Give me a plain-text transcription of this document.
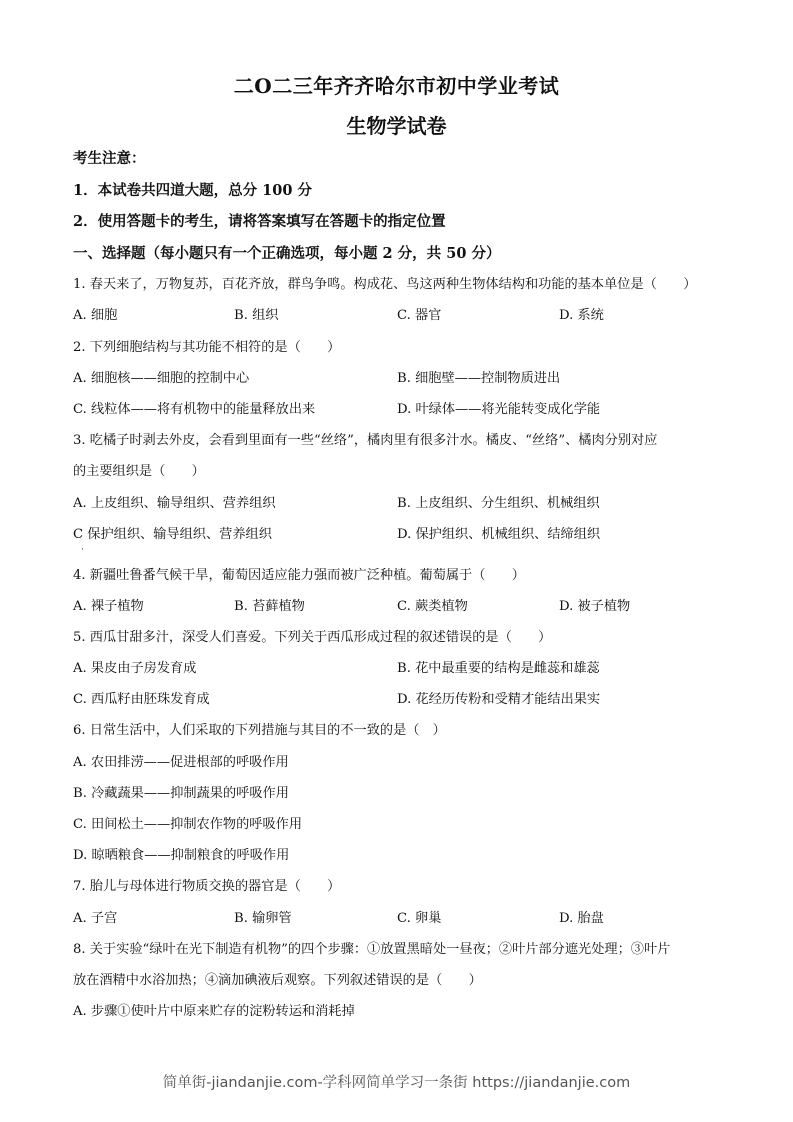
二O二三年齐齐哈尔市初中学业考试
生物学试卷
考生注意：
1．本试卷共四道大题，总分 100 分
2．使用答题卡的考生，请将答案填写在答题卡的指定位置
一、选择题（每小题只有一个正确选项，每小题 2 分，共 50 分）
1. 春天来了，万物复苏，百花齐放，群鸟争鸣。构成花、鸟这两种生物体结构和功能的基本单位是（　　）
A. 细胞	B. 组织	C. 器官	D. 系统
2. 下列细胞结构与其功能不相符的是（　　）
A. 细胞核——细胞的控制中心	B. 细胞壁——控制物质进出
C. 线粒体——将有机物中的能量释放出来	D. 叶绿体——将光能转变成化学能
3. 吃橘子时剥去外皮，会看到里面有一些“丝络”，橘肉里有很多汁水。橘皮、“丝络”、橘肉分别对应
的主要组织是（　　）
A. 上皮组织、输导组织、营养组织	B. 上皮组织、分生组织、机械组织
C 保护组织、输导组织、营养组织	D. 保护组织、机械组织、结缔组织
4. 新疆吐鲁番气候干旱，葡萄因适应能力强而被广泛种植。葡萄属于（　　）
A. 裸子植物	B. 苔藓植物	C. 蕨类植物	D. 被子植物
5. 西瓜甘甜多汁，深受人们喜爱。下列关于西瓜形成过程的叙述错误的是（　　）
A. 果皮由子房发育成	B. 花中最重要的结构是雌蕊和雄蕊
C. 西瓜籽由胚珠发育成	D. 花经历传粉和受精才能结出果实
6. 日常生活中，人们采取的下列措施与其目的不一致的是（　）
A. 农田排涝——促进根部的呼吸作用
B. 冷藏蔬果——抑制蔬果的呼吸作用
C. 田间松土——抑制农作物的呼吸作用
D. 晾晒粮食——抑制粮食的呼吸作用
7. 胎儿与母体进行物质交换的器官是（　　）
A. 子宫	B. 输卵管	C. 卵巢	D. 胎盘
8. 关于实验“绿叶在光下制造有机物”的四个步骤：①放置黑暗处一昼夜；②叶片部分遮光处理；③叶片
放在酒精中水浴加热；④滴加碘液后观察。下列叙述错误的是（　　）
A. 步骤①使叶片中原来贮存的淀粉转运和消耗掉
简单街-jiandanjie.com-学科网简单学习一条街 https://jiandanjie.com
